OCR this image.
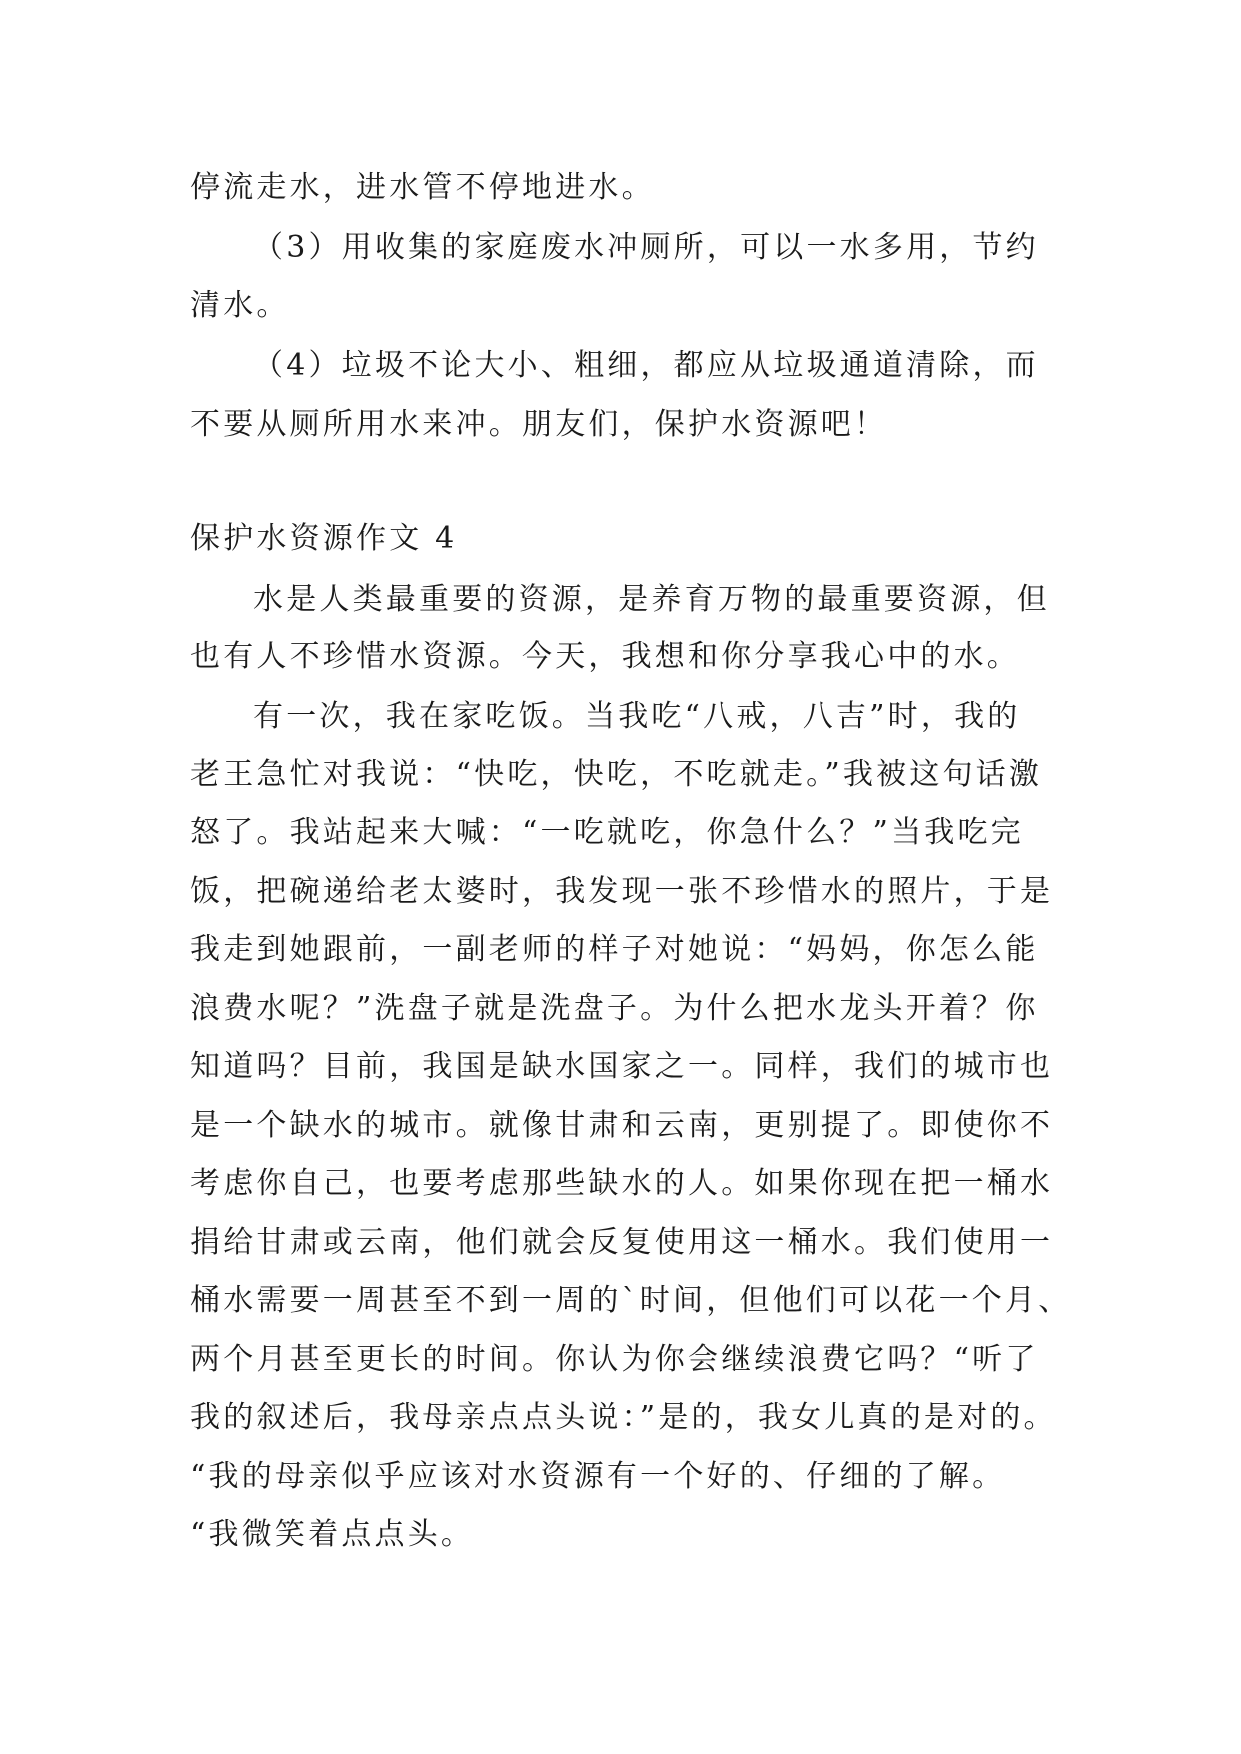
停流走水，进水管不停地进水。
（3）用收集的家庭废水冲厕所，可以一水多用，节约
清水。
（4）垃圾不论大小、粗细，都应从垃圾通道清除，而
不要从厕所用水来冲。朋友们，保护水资源吧！
保护水资源作文 4
水是人类最重要的资源，是养育万物的最重要资源，但
也有人不珍惜水资源。今天，我想和你分享我心中的水。
有一次，我在家吃饭。当我吃“八戒，八吉”时，我的
老王急忙对我说：“快吃，快吃，不吃就走。”我被这句话激
怒了。我站起来大喊：“一吃就吃，你急什么？”当我吃完
饭，把碗递给老太婆时，我发现一张不珍惜水的照片，于是
我走到她跟前，一副老师的样子对她说：“妈妈，你怎么能
浪费水呢？”洗盘子就是洗盘子。为什么把水龙头开着？你
知道吗？目前，我国是缺水国家之一。同样，我们的城市也
是一个缺水的城市。就像甘肃和云南，更别提了。即使你不
考虑你自己，也要考虑那些缺水的人。如果你现在把一桶水
捐给甘肃或云南，他们就会反复使用这一桶水。我们使用一
桶水需要一周甚至不到一周的`时间，但他们可以花一个月、
两个月甚至更长的时间。你认为你会继续浪费它吗？“听了
我的叙述后，我母亲点点头说：”是的，我女儿真的是对的。
“我的母亲似乎应该对水资源有一个好的、仔细的了解。
“我微笑着点点头。
